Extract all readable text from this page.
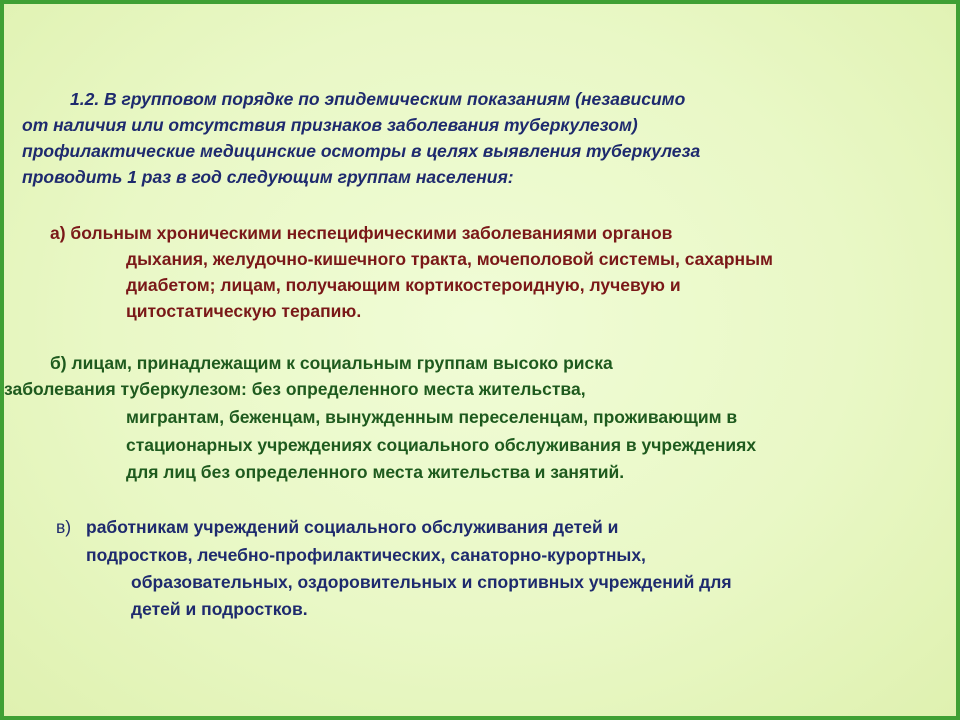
1.2. В групповом порядке по эпидемическим показаниям (независимо
от наличия или отсутствия признаков заболевания туберкулезом)
профилактические медицинские осмотры в целях выявления туберкулеза
проводить 1 раз в год следующим группам населения:
а) больным хроническими неспецифическими заболеваниями органов
дыхания, желудочно-кишечного тракта, мочеполовой системы, сахарным
диабетом; лицам, получающим кортикостероидную, лучевую и
цитостатическую терапию.
б) лицам, принадлежащим к социальным группам высоко риска
заболевания туберкулезом: без определенного места жительства,
мигрантам, беженцам, вынужденным переселенцам, проживающим в
стационарных учреждениях социального обслуживания в учреждениях
для лиц без определенного места жительства и занятий.
в) работникам учреждений социального обслуживания детей и
подростков, лечебно-профилактических, санаторно-курортных,
образовательных, оздоровительных и спортивных учреждений для
детей и подростков.
